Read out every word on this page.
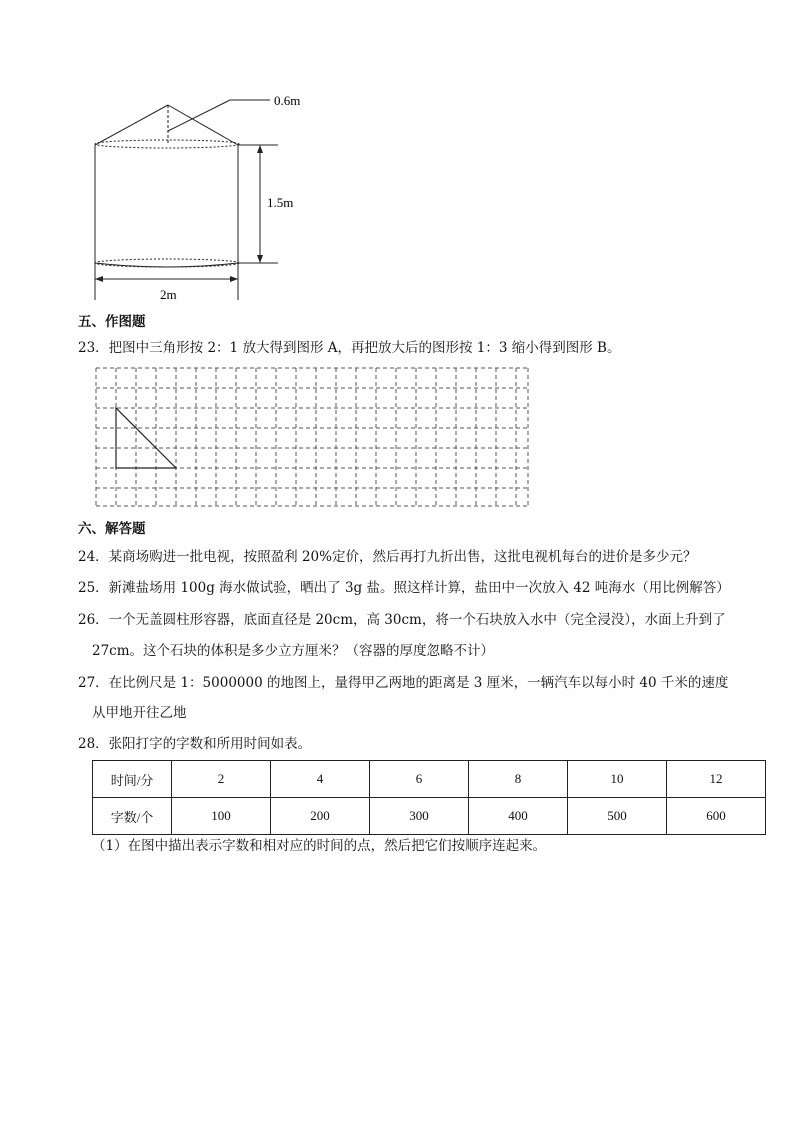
0.6m
1.5m
2m
五、作图题
23．把图中三角形按 2：1 放大得到图形 A，再把放大后的图形按 1：3 缩小得到图形 B。
六、解答题
24．某商场购进一批电视，按照盈利 20%定价，然后再打九折出售，这批电视机每台的进价是多少元？
25．新滩盐场用 100g 海水做试验，晒出了 3g 盐。照这样计算，盐田中一次放入 42 吨海水（用比例解答）
26．一个无盖圆柱形容器，底面直径是 20cm，高 30cm，将一个石块放入水中（完全浸没），水面上升到了
27cm。这个石块的体积是多少立方厘米？（容器的厚度忽略不计）
27．在比例尺是 1：5000000 的地图上，量得甲乙两地的距离是 3 厘米，一辆汽车以每小时 40 千米的速度
从甲地开往乙地
28．张阳打字的字数和所用时间如表。
时间/分	2	4	6	8	10	12
字数/个	100	200	300	400	500	600
（1）在图中描出表示字数和相对应的时间的点，然后把它们按顺序连起来。
